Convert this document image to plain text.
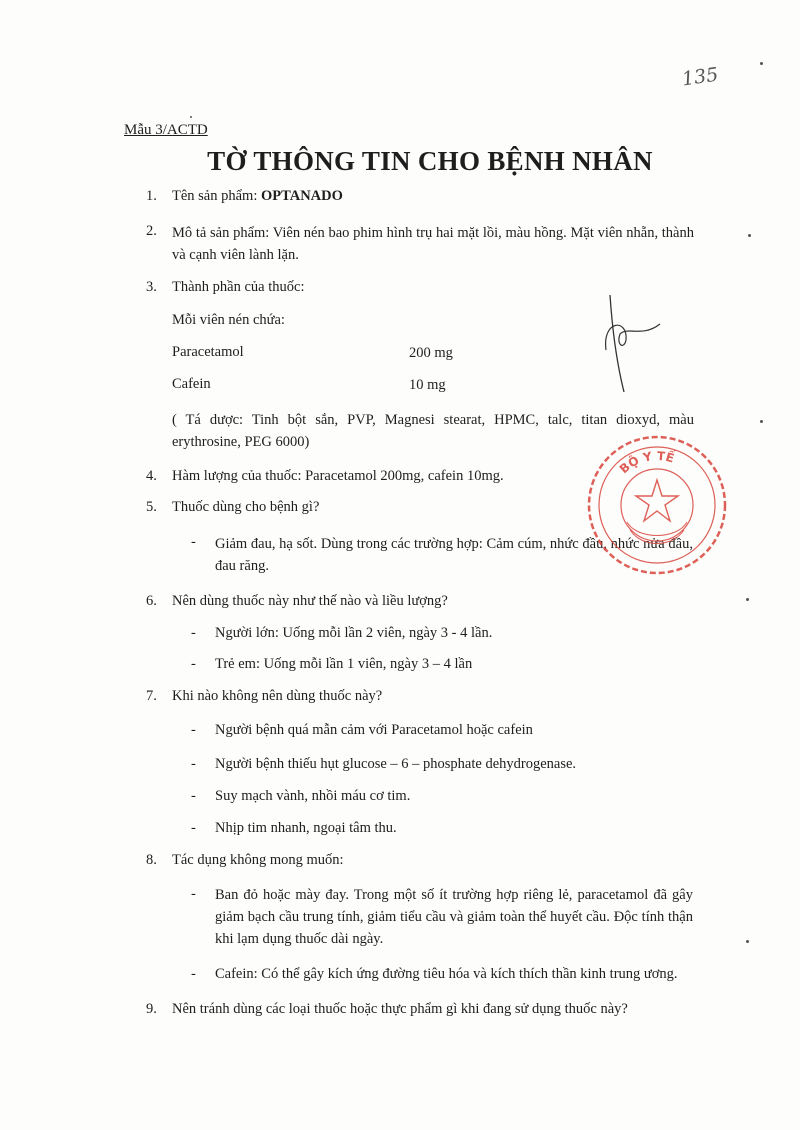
135
Mẫu 3/ACTD
TỜ THÔNG TIN CHO BỆNH NHÂN
1. Tên sản phẩm: OPTANADO
2. Mô tả sản phẩm: Viên nén bao phim hình trụ hai mặt lồi, màu hồng. Mặt viên nhẵn, thành và cạnh viên lành lặn.
3. Thành phần của thuốc:
Mỗi viên nén chứa:
Paracetamol	200 mg
Cafein	10 mg
( Tá dược: Tinh bột sắn, PVP, Magnesi stearat, HPMC, talc, titan dioxyd, màu erythrosine, PEG 6000)
4. Hàm lượng của thuốc: Paracetamol 200mg, cafein 10mg.
5. Thuốc dùng cho bệnh gì?
- Giảm đau, hạ sốt. Dùng trong các trường hợp: Cảm cúm, nhức đầu, nhức nửa đầu, đau răng.
6. Nên dùng thuốc này như thế nào và liều lượng?
- Người lớn: Uống mỗi lần 2 viên, ngày 3 - 4 lần.
- Trẻ em: Uống mỗi lần 1 viên, ngày 3 – 4 lần
7. Khi nào không nên dùng thuốc này?
- Người bệnh quá mẫn cảm với Paracetamol hoặc cafein
- Người bệnh thiếu hụt glucose – 6 – phosphate dehydrogenase.
- Suy mạch vành, nhồi máu cơ tim.
- Nhịp tim nhanh, ngoại tâm thu.
8. Tác dụng không mong muốn:
- Ban đỏ hoặc mày đay. Trong một số ít trường hợp riêng lẻ, paracetamol đã gây giảm bạch cầu trung tính, giảm tiểu cầu và giảm toàn thể huyết cầu. Độc tính thận khi lạm dụng thuốc dài ngày.
- Cafein: Có thể gây kích ứng đường tiêu hóa và kích thích thần kinh trung ương.
9. Nên tránh dùng các loại thuốc hoặc thực phẩm gì khi đang sử dụng thuốc này?
BỘ Y TẾ
